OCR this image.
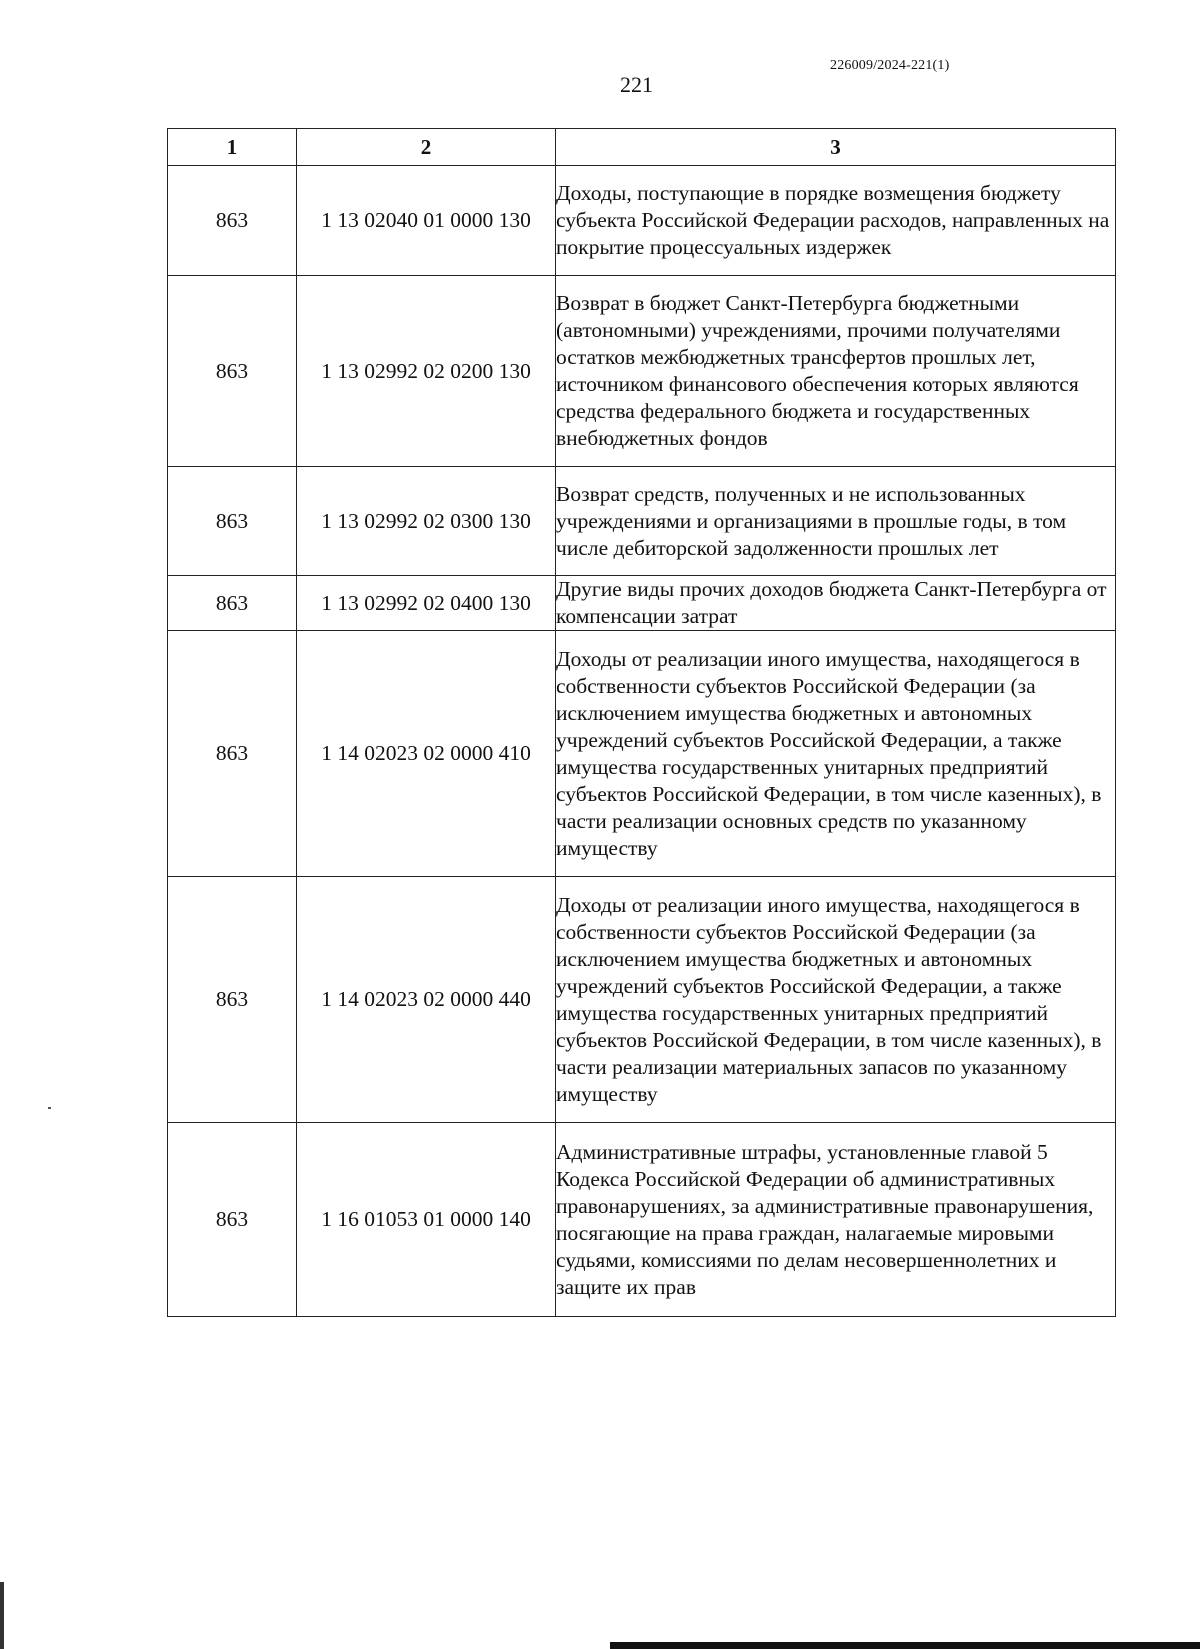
226009/2024-221(1)
221
1	2	3
863	1 13 02040 01 0000 130	Доходы, поступающие в порядке возмещения бюджету субъекта Российской Федерации расходов, направленных на покрытие процессуальных издержек
863	1 13 02992 02 0200 130	Возврат в бюджет Санкт-Петербурга бюджетными (автономными) учреждениями, прочими получателями остатков межбюджетных трансфертов прошлых лет, источником финансового обеспечения которых являются средства федерального бюджета и государственных внебюджетных фондов
863	1 13 02992 02 0300 130	Возврат средств, полученных и не использованных учреждениями и организациями в прошлые годы, в том числе дебиторской задолженности прошлых лет
863	1 13 02992 02 0400 130	Другие виды прочих доходов бюджета Санкт-Петербурга от компенсации затрат
863	1 14 02023 02 0000 410	Доходы от реализации иного имущества, находящегося в собственности субъектов Российской Федерации (за исключением имущества бюджетных и автономных учреждений субъектов Российской Федерации, а также имущества государственных унитарных предприятий субъектов Российской Федерации, в том числе казенных), в части реализации основных средств по указанному имуществу
863	1 14 02023 02 0000 440	Доходы от реализации иного имущества, находящегося в собственности субъектов Российской Федерации (за исключением имущества бюджетных и автономных учреждений субъектов Российской Федерации, а также имущества государственных унитарных предприятий субъектов Российской Федерации, в том числе казенных), в части реализации материальных запасов по указанному имуществу
863	1 16 01053 01 0000 140	Административные штрафы, установленные главой 5 Кодекса Российской Федерации об административных правонарушениях, за административные правонарушения, посягающие на права граждан, налагаемые мировыми судьями, комиссиями по делам несовершеннолетних и защите их прав
